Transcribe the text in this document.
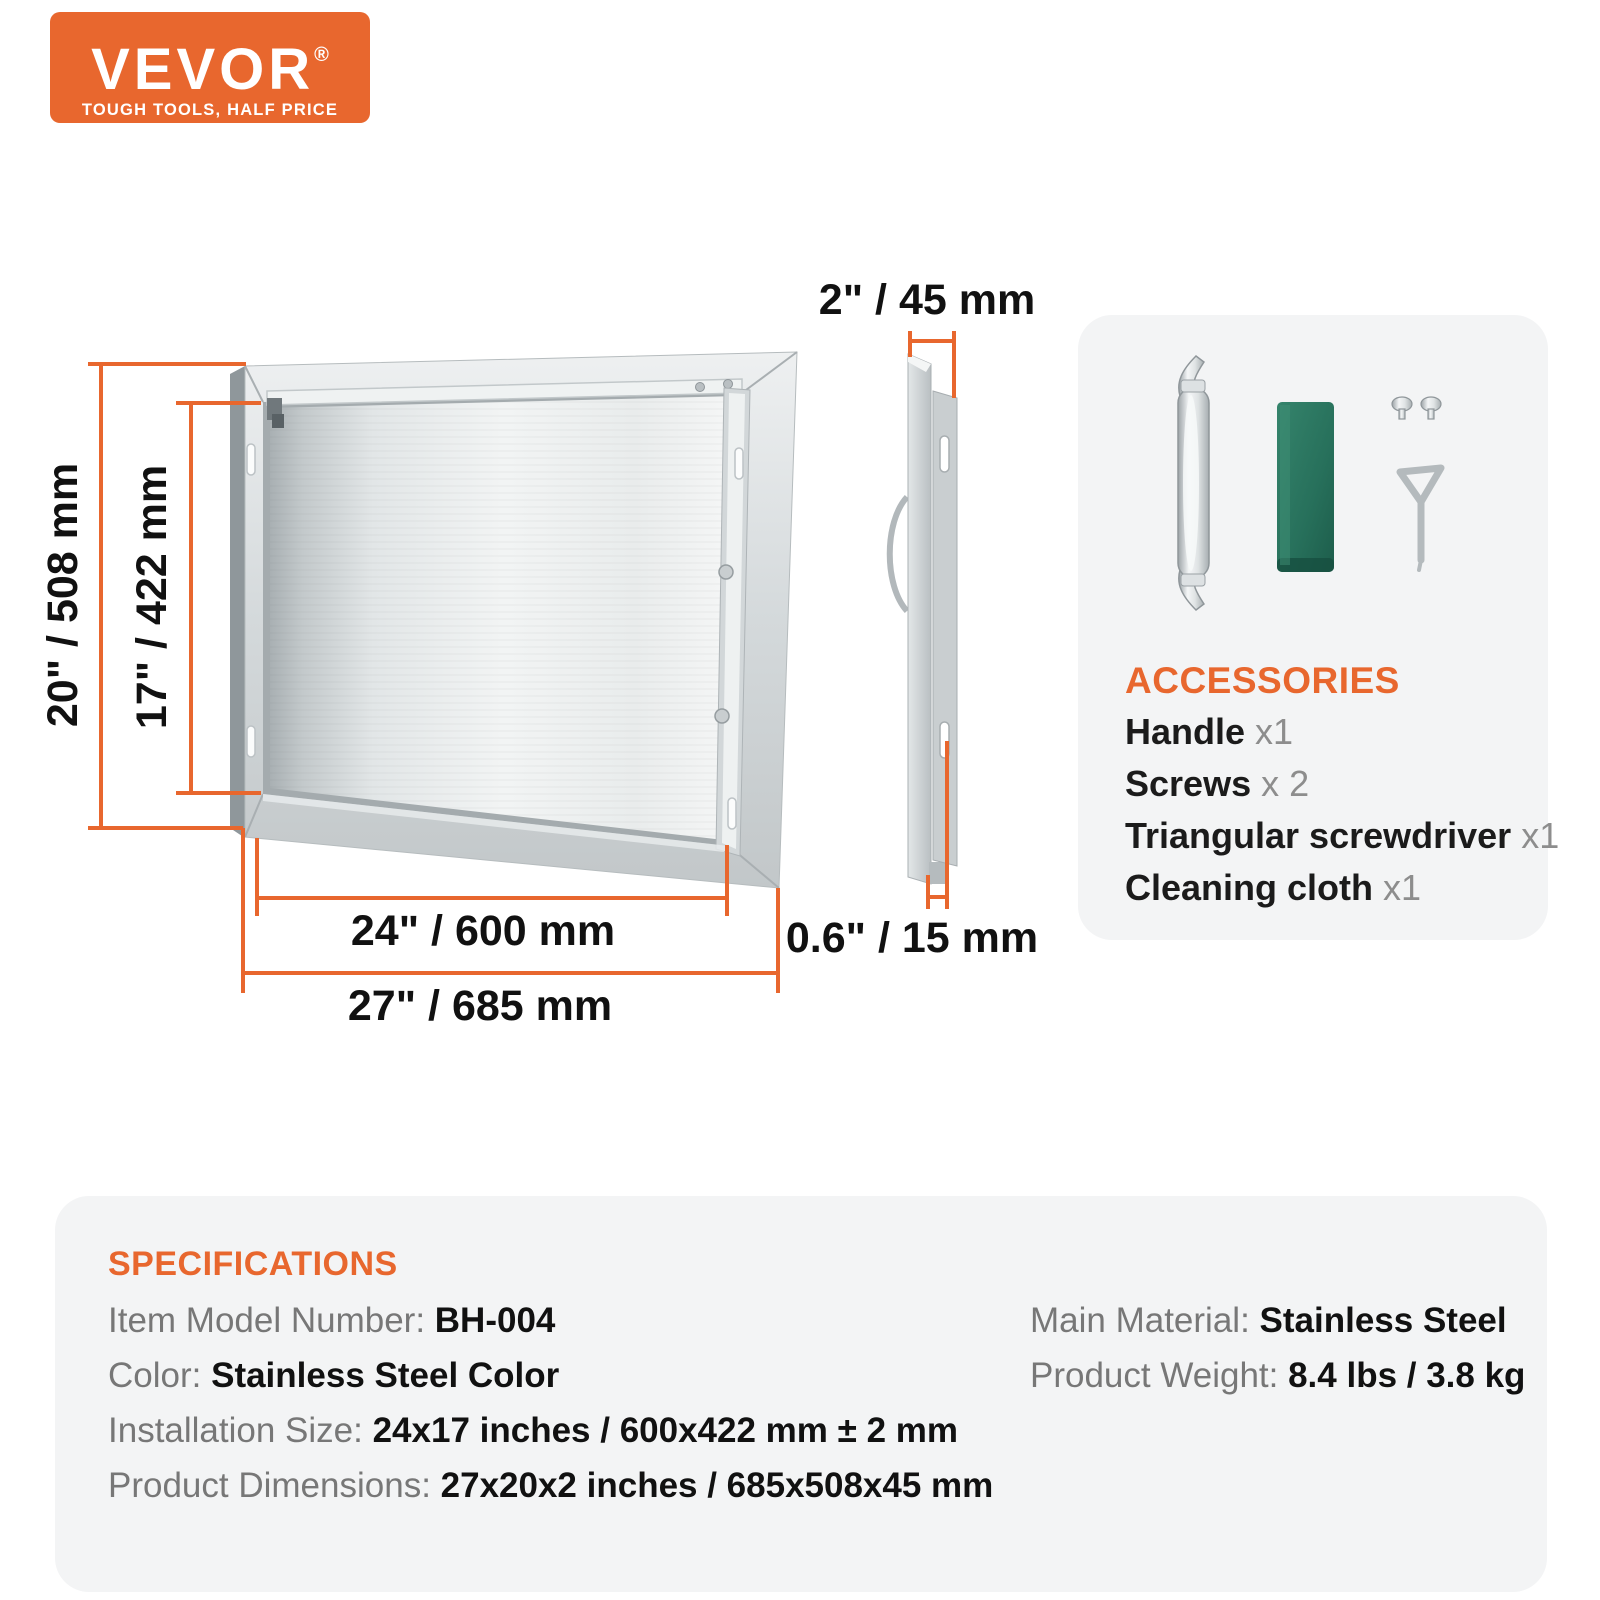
VEVOR®
TOUGH TOOLS, HALF PRICE
20" / 508 mm 17" / 422 mm
24" / 600 mm
27" / 685 mm
2" / 45 mm
0.6" / 15 mm
ACCESSORIES
Handle x1
Screws x 2
Triangular screwdriver x1
Cleaning cloth x1
SPECIFICATIONS
Item Model Number: BH-004
Color: Stainless Steel Color
Installation Size: 24x17 inches / 600x422 mm ± 2 mm
Product Dimensions: 27x20x2 inches / 685x508x45 mm
Main Material: Stainless Steel
Product Weight: 8.4 lbs / 3.8 kg
